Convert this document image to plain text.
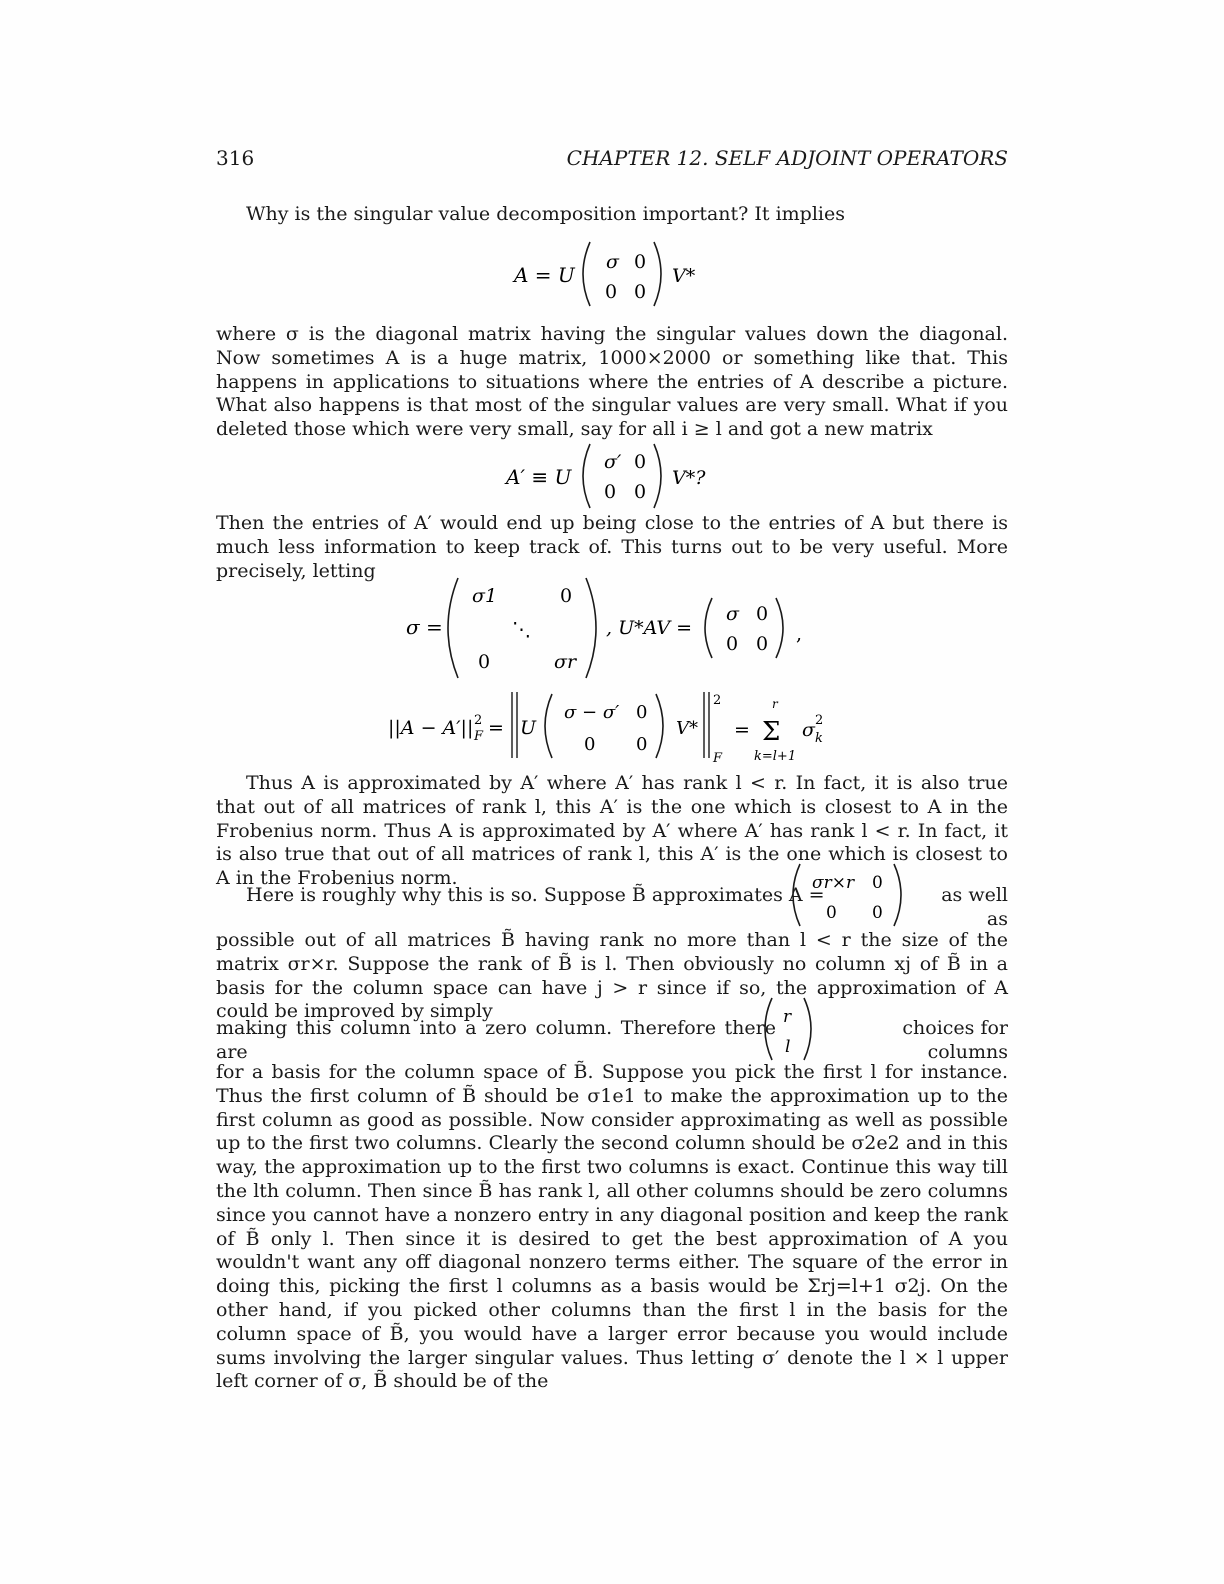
316	CHAPTER 12. SELF ADJOINT OPERATORS

Why is the singular value decomposition important? It implies

A = U
σ 0
0 0
V*

where σ is the diagonal matrix having the singular values down the diagonal. Now sometimes A is a huge matrix, 1000×2000 or something like that. This happens in applications to situations where the entries of A describe a picture. What also happens is that most of the singular values are very small. What if you deleted those which were very small, say for all i ≥ l and got a new matrix

A′ ≡ U
σ′ 0
0 0
V*?

Then the entries of A′ would end up being close to the entries of A but there is much less information to keep track of. This turns out to be very useful. More precisely, letting

σ =
σ1	0
⋱
0	σr
, U*AV =
σ 0
0 0 ,
||A − A′|| 2
F = U
σ − σ′ 0
0 0
V*
2
F
=
r
Σ
k=l+1
σ 2
k

Thus A is approximated by A′ where A′ has rank l < r. In fact, it is also true that out of all matrices of rank l, this A′ is the one which is closest to A in the Frobenius norm. Thus A is approximated by A′ where A′ has rank l < r. In fact, it is also true that out of all matrices of rank l, this A′ is the one which is closest to A in the Frobenius norm.

Here is roughly why this is so. Suppose B̃ approximates A =
σr×r 0
0 0
as well as

possible out of all matrices B̃ having rank no more than l < r the size of the matrix σr×r. Suppose the rank of B̃ is l. Then obviously no column xj of B̃ in a basis for the column space can have j > r since if so, the approximation of A could be improved by simply

making this column into a zero column. Therefore there are
r
l
choices for columns

for a basis for the column space of B̃. Suppose you pick the first l for instance. Thus the first column of B̃ should be σ1e1 to make the approximation up to the first column as good as possible. Now consider approximating as well as possible up to the first two columns. Clearly the second column should be σ2e2 and in this way, the approximation up to the first two columns is exact. Continue this way till the lth column. Then since B̃ has rank l, all other columns should be zero columns since you cannot have a nonzero entry in any diagonal position and keep the rank of B̃ only l. Then since it is desired to get the best approximation of A you wouldn't want any off diagonal nonzero terms either. The square of the error in doing this, picking the first l columns as a basis would be Σrj=l+1 σ2j. On the other hand, if you picked other columns than the first l in the basis for the column space of B̃, you would have a larger error because you would include sums involving the larger singular values. Thus letting σ′ denote the l × l upper left corner of σ, B̃ should be of the
